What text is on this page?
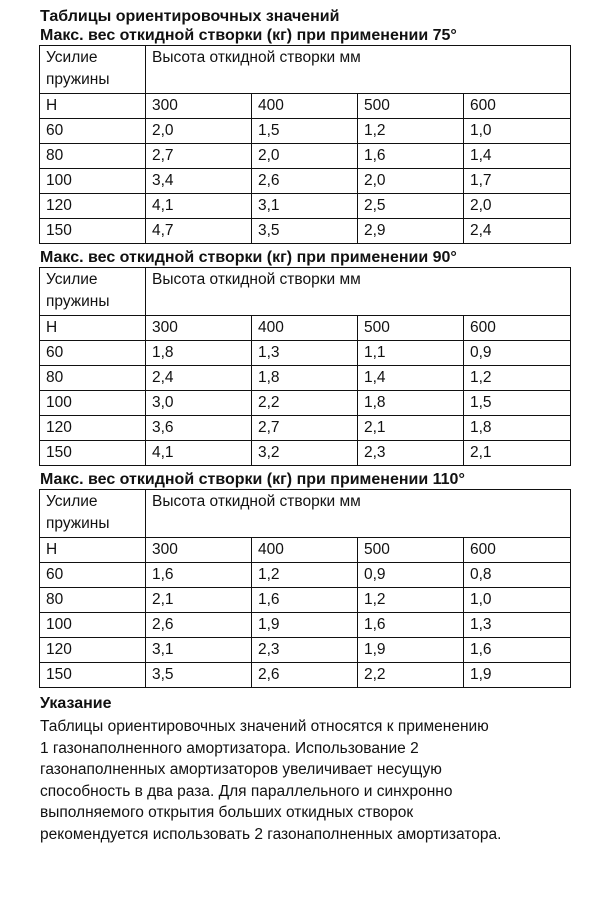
Таблицы ориентировочных значений
Макс. вес откидной створки (кг) при применении 75°
Усилие	Высота откидной створки мм			
пружины				
Н	300	400	500	600
60	2,0	1,5	1,2	1,0
80	2,7	2,0	1,6	1,4
100	3,4	2,6	2,0	1,7
120	4,1	3,1	2,5	2,0
150	4,7	3,5	2,9	2,4
Макс. вес откидной створки (кг) при применении 90°
Усилие	Высота откидной створки мм			
пружины				
Н	300	400	500	600
60	1,8	1,3	1,1	0,9
80	2,4	1,8	1,4	1,2
100	3,0	2,2	1,8	1,5
120	3,6	2,7	2,1	1,8
150	4,1	3,2	2,3	2,1
Макс. вес откидной створки (кг) при применении 110°
Усилие	Высота откидной створки мм			
пружины				
Н	300	400	500	600
60	1,6	1,2	0,9	0,8
80	2,1	1,6	1,2	1,0
100	2,6	1,9	1,6	1,3
120	3,1	2,3	1,9	1,6
150	3,5	2,6	2,2	1,9
Указание
Таблицы ориентировочных значений относятся к применению
1 газонаполненного амортизатора. Использование 2
газонаполненных амортизаторов увеличивает несущую
способность в два раза. Для параллельного и синхронно
выполняемого открытия больших откидных створок
рекомендуется использовать 2 газонаполненных амортизатора.
